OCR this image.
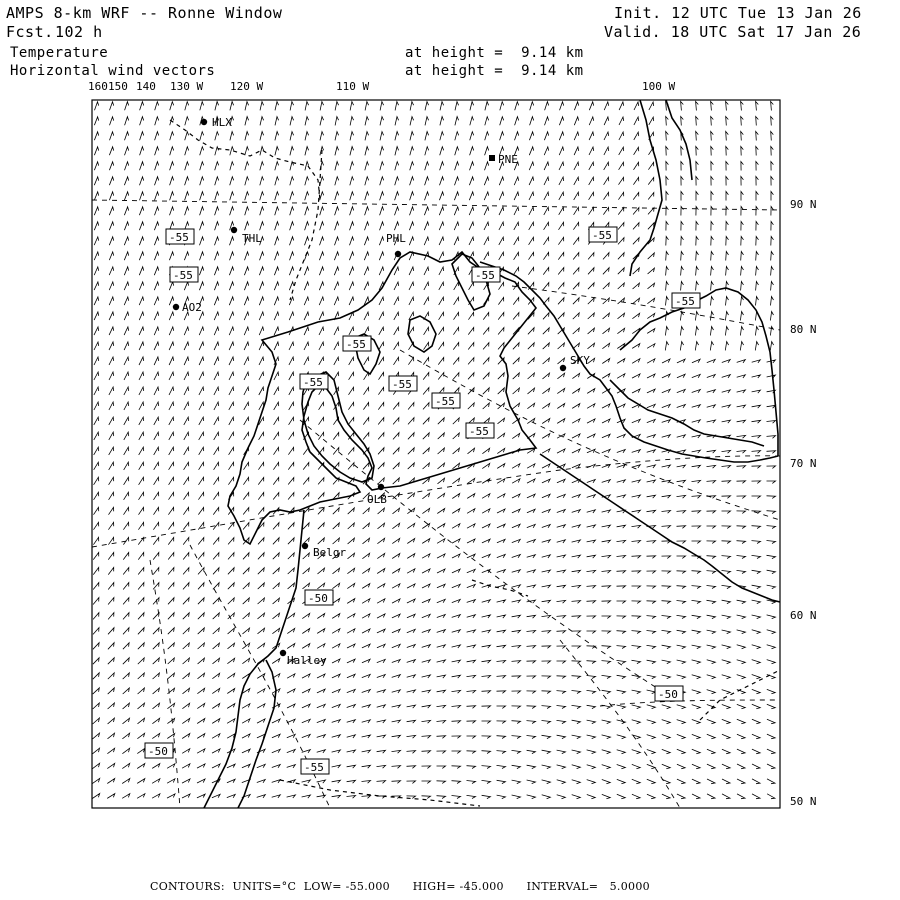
AMPS 8-km WRF -- Ronne Window
Fcst. 102 h
Init. 12 UTC Tue 13 Jan 26
Valid. 18 UTC Sat 17 Jan 26
Temperature	at height =  9.14 km
Horizontal wind vectors	at height =  9.14 km
160 150 140 130 W 120 W	110 W	100 W
90 N
80 N
70 N
60 N
50 N
HLX
PNE
THL	PHL
AO2
SKY
OLB
Belgr
Halley
-55
-55
-55
-55
-55
-55
-55	-55
-55
-55
-50
-50
-50
-55
CONTOURS: UNITS=°C LOW= -55.000 HIGH= -45.000 INTERVAL= 5.0000
